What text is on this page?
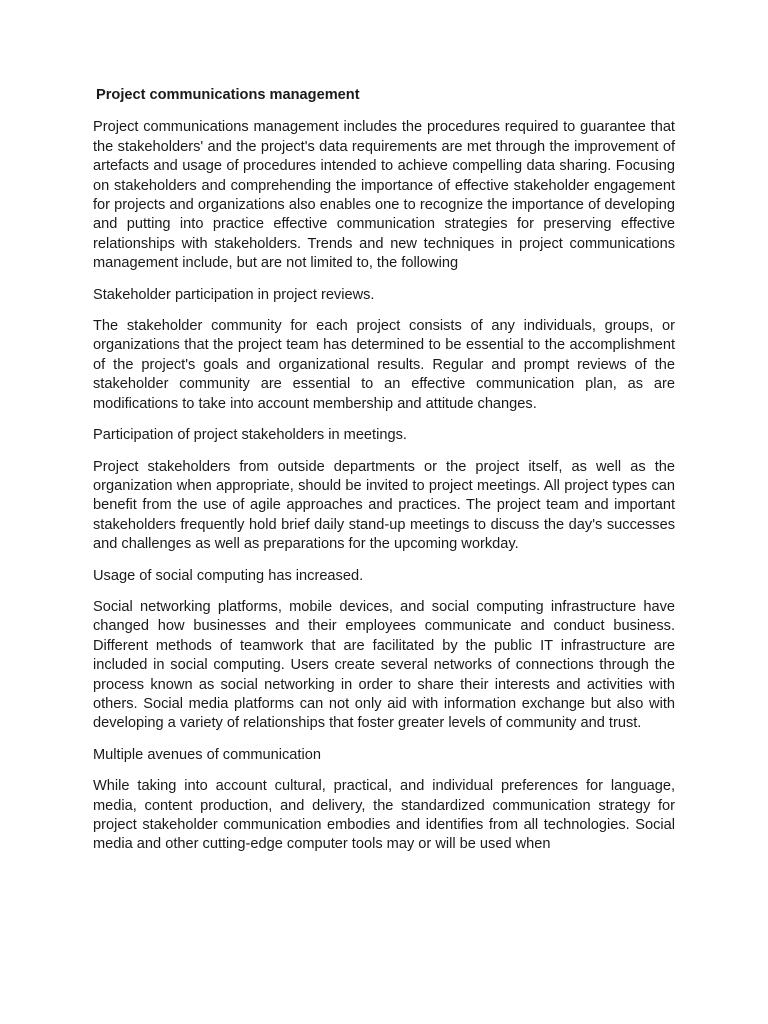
Project communications management

Project communications management includes the procedures required to guarantee that the stakeholders' and the project's data requirements are met through the improvement of artefacts and usage of procedures intended to achieve compelling data sharing. Focusing on stakeholders and comprehending the importance of effective stakeholder engagement for projects and organizations also enables one to recognize the importance of developing and putting into practice effective communication strategies for preserving effective relationships with stakeholders. Trends and new techniques in project communications management include, but are not limited to, the following

Stakeholder participation in project reviews.

The stakeholder community for each project consists of any individuals, groups, or organizations that the project team has determined to be essential to the accomplishment of the project's goals and organizational results. Regular and prompt reviews of the stakeholder community are essential to an effective communication plan, as are modifications to take into account membership and attitude changes.

Participation of project stakeholders in meetings.

Project stakeholders from outside departments or the project itself, as well as the organization when appropriate, should be invited to project meetings. All project types can benefit from the use of agile approaches and practices. The project team and important stakeholders frequently hold brief daily stand-up meetings to discuss the day's successes and challenges as well as preparations for the upcoming workday.

Usage of social computing has increased.

Social networking platforms, mobile devices, and social computing infrastructure have changed how businesses and their employees communicate and conduct business. Different methods of teamwork that are facilitated by the public IT infrastructure are included in social computing. Users create several networks of connections through the process known as social networking in order to share their interests and activities with others. Social media platforms can not only aid with information exchange but also with developing a variety of relationships that foster greater levels of community and trust.

Multiple avenues of communication

While taking into account cultural, practical, and individual preferences for language, media, content production, and delivery, the standardized communication strategy for project stakeholder communication embodies and identifies from all technologies. Social media and other cutting-edge computer tools may or will be used when
